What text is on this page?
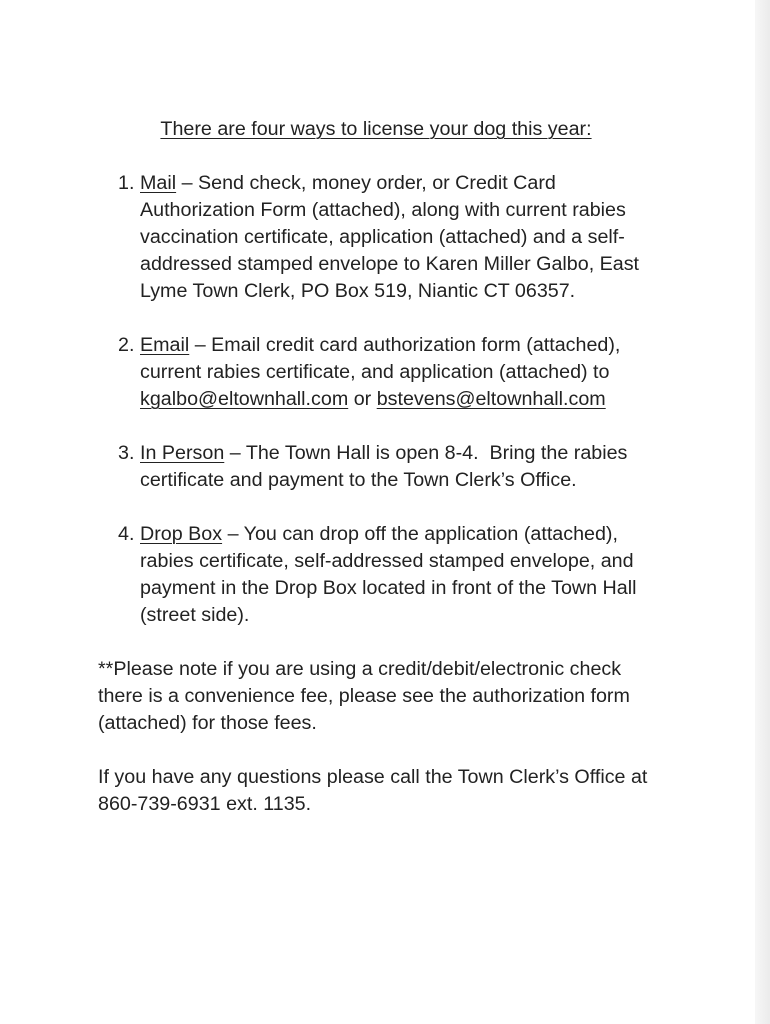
There are four ways to license your dog this year:
1. Mail – Send check, money order, or Credit Card
Authorization Form (attached), along with current rabies
vaccination certificate, application (attached) and a self-
addressed stamped envelope to Karen Miller Galbo, East
Lyme Town Clerk, PO Box 519, Niantic CT 06357.
2. Email – Email credit card authorization form (attached),
current rabies certificate, and application (attached) to
kgalbo@eltownhall.com or bstevens@eltownhall.com
3. In Person – The Town Hall is open 8-4.  Bring the rabies
certificate and payment to the Town Clerk’s Office.
4. Drop Box – You can drop off the application (attached),
rabies certificate, self-addressed stamped envelope, and
payment in the Drop Box located in front of the Town Hall
(street side).
**Please note if you are using a credit/debit/electronic check
there is a convenience fee, please see the authorization form
(attached) for those fees.
If you have any questions please call the Town Clerk’s Office at
860-739-6931 ext. 1135.
